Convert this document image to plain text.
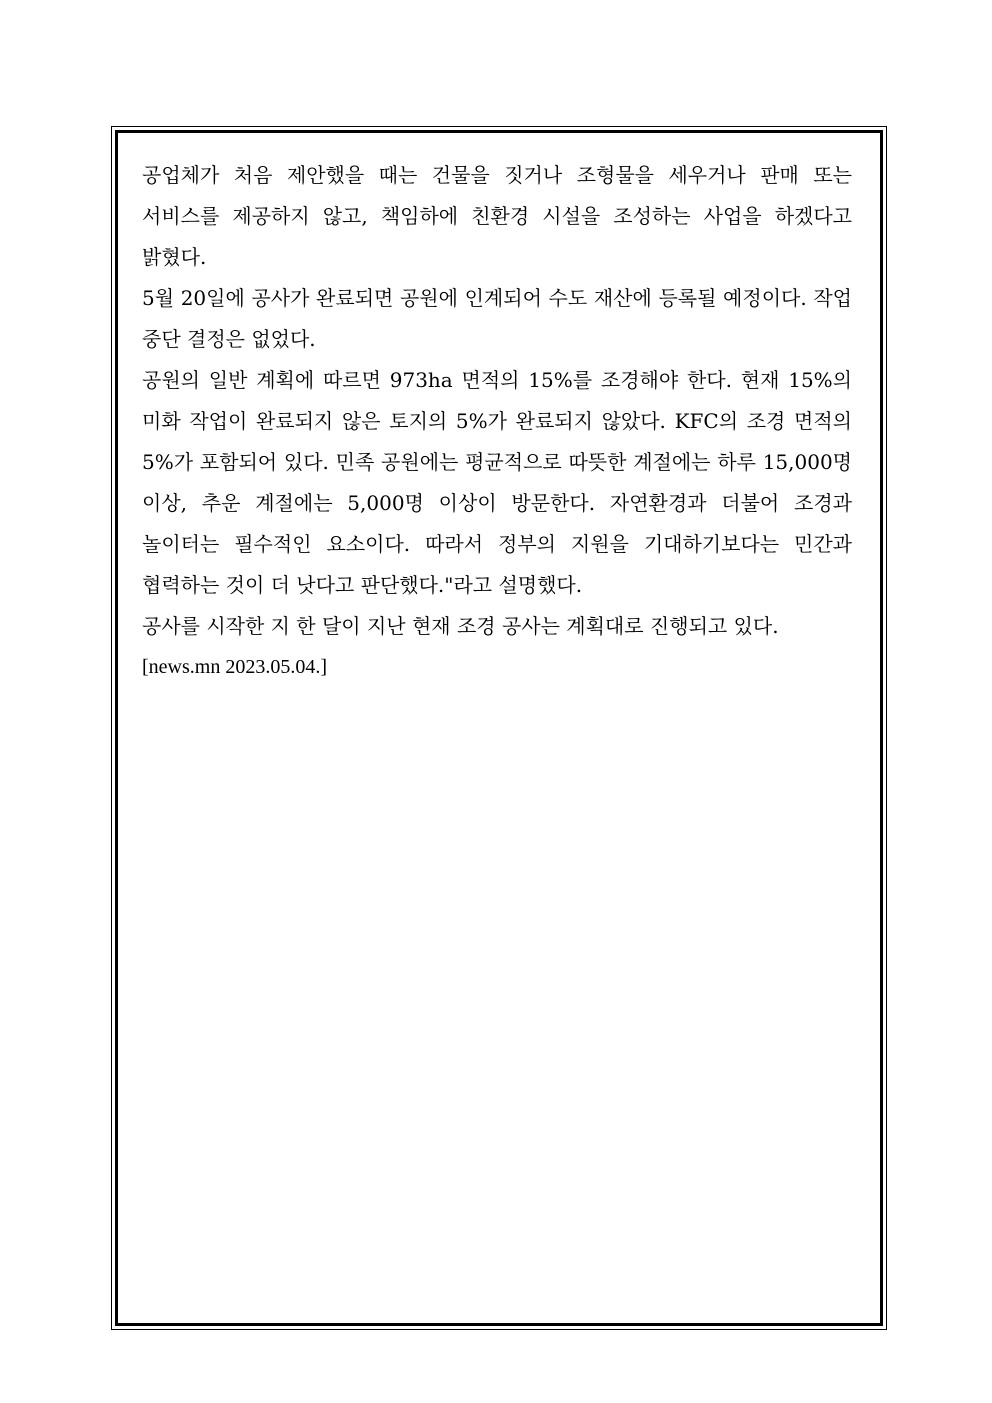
공업체가 처음 제안했을 때는 건물을 짓거나 조형물을 세우거나 판매 또는 서비스를 제공하지 않고, 책임하에 친환경 시설을 조성하는 사업을 하겠다고 밝혔다.

5월 20일에 공사가 완료되면 공원에 인계되어 수도 재산에 등록될 예정이다. 작업 중단 결정은 없었다.

공원의 일반 계획에 따르면 973ha 면적의 15%를 조경해야 한다. 현재 15%의 미화 작업이 완료되지 않은 토지의 5%가 완료되지 않았다. KFC의 조경 면적의 5%가 포함되어 있다. 민족 공원에는 평균적으로 따뜻한 계절에는 하루 15,000명 이상, 추운 계절에는 5,000명 이상이 방문한다. 자연환경과 더불어 조경과 놀이터는 필수적인 요소이다. 따라서 정부의 지원을 기대하기보다는 민간과 협력하는 것이 더 낫다고 판단했다."라고 설명했다.

공사를 시작한 지 한 달이 지난 현재 조경 공사는 계획대로 진행되고 있다.

[news.mn 2023.05.04.]
